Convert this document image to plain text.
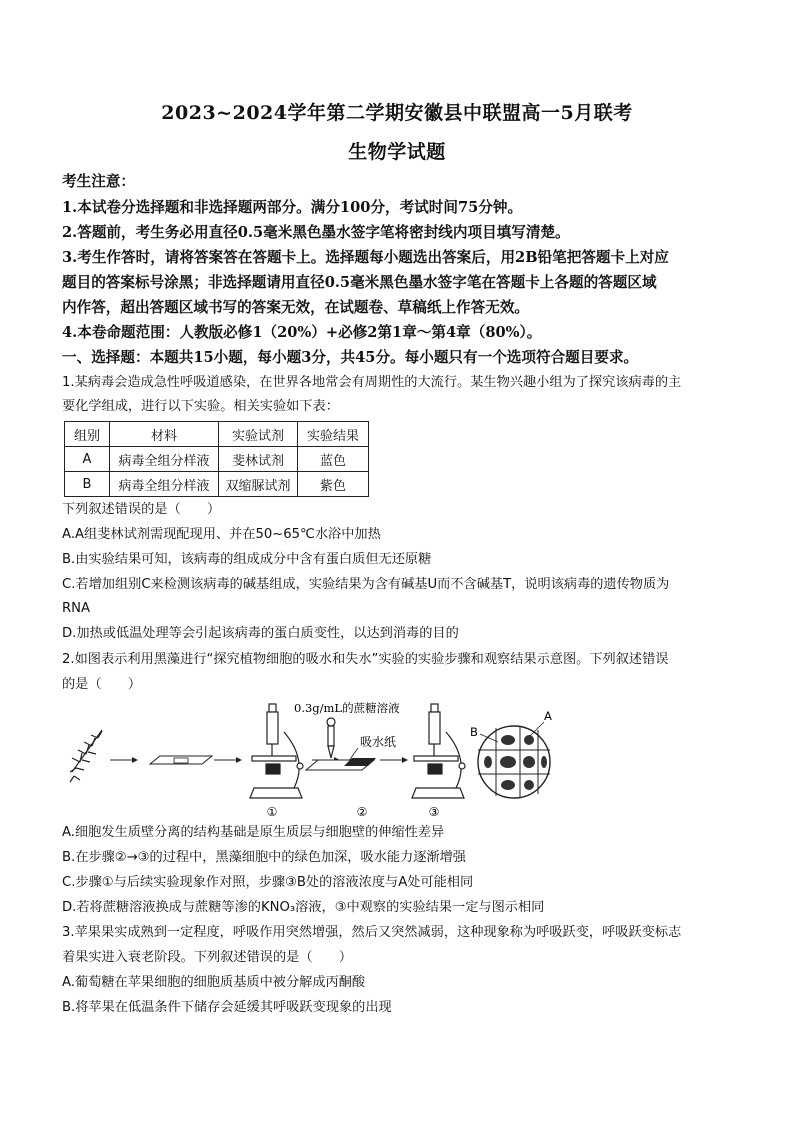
2023~2024学年第二学期安徽县中联盟高一5月联考
生物学试题
考生注意：
1.本试卷分选择题和非选择题两部分。满分100分，考试时间75分钟。
2.答题前，考生务必用直径0.5毫米黑色墨水签字笔将密封线内项目填写清楚。
3.考生作答时，请将答案答在答题卡上。选择题每小题选出答案后，用2B铅笔把答题卡上对应
题目的答案标号涂黑；非选择题请用直径0.5毫米黑色墨水签字笔在答题卡上各题的答题区域
内作答，超出答题区域书写的答案无效，在试题卷、草稿纸上作答无效。
4.本卷命题范围：人教版必修1（20%）+必修2第1章～第4章（80%）。
一、选择题：本题共15小题，每小题3分，共45分。每小题只有一个选项符合题目要求。
1.某病毒会造成急性呼吸道感染，在世界各地常会有周期性的大流行。某生物兴趣小组为了探究该病毒的主
要化学组成，进行以下实验。相关实验如下表：
组别	材料	实验试剂	实验结果
A	病毒全组分样液	斐林试剂	蓝色
B	病毒全组分样液	双缩脲试剂	紫色
下列叙述错误的是（　　）
A.A组斐林试剂需现配现用、并在50~65℃水浴中加热
B.由实验结果可知，该病毒的组成成分中含有蛋白质但无还原糖
C.若增加组别C来检测该病毒的碱基组成，实验结果为含有碱基U而不含碱基T，说明该病毒的遗传物质为
RNA
D.加热或低温处理等会引起该病毒的蛋白质变性，以达到消毒的目的
2.如图表示利用黑藻进行“探究植物细胞的吸水和失水”实验的实验步骤和观察结果示意图。下列叙述错误
的是（　　）
①
0.3g/mL的蔗糖溶液
吸水纸
②	③
B
A
A.细胞发生质壁分离的结构基础是原生质层与细胞壁的伸缩性差异
B.在步骤②→③的过程中，黑藻细胞中的绿色加深，吸水能力逐渐增强
C.步骤①与后续实验现象作对照，步骤③B处的溶液浓度与A处可能相同
D.若将蔗糖溶液换成与蔗糖等渗的KNO₃溶液，③中观察的实验结果一定与图示相同
3.苹果果实成熟到一定程度，呼吸作用突然增强，然后又突然减弱，这种现象称为呼吸跃变，呼吸跃变标志
着果实进入衰老阶段。下列叙述错误的是（　　）
A.葡萄糖在苹果细胞的细胞质基质中被分解成丙酮酸
B.将苹果在低温条件下储存会延缓其呼吸跃变现象的出现
